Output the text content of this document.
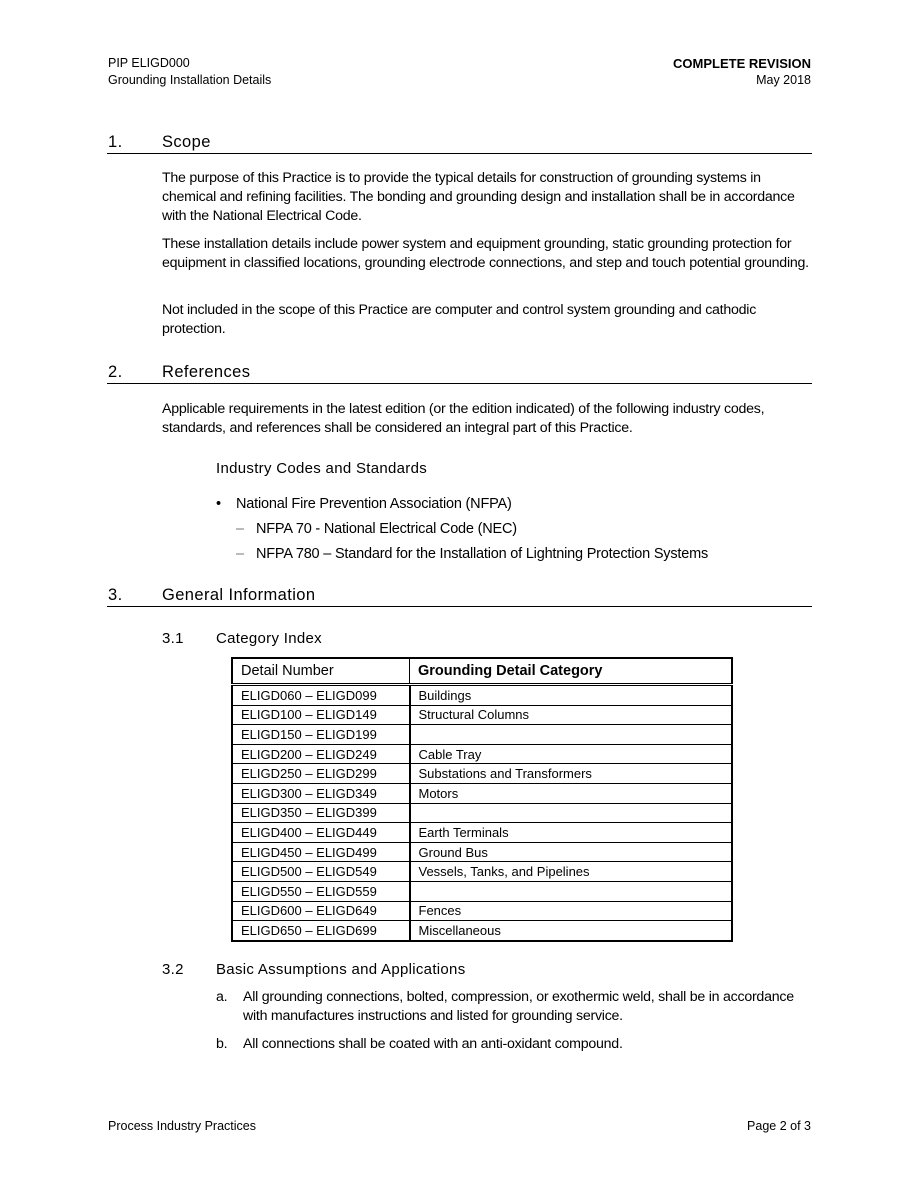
PIP ELIGD000
Grounding Installation Details
COMPLETE REVISION
May 2018
1. Scope
The purpose of this Practice is to provide the typical details for construction of grounding systems in chemical and refining facilities. The bonding and grounding design and installation shall be in accordance with the National Electrical Code.
These installation details include power system and equipment grounding, static grounding protection for equipment in classified locations, grounding electrode connections, and step and touch potential grounding.
Not included in the scope of this Practice are computer and control system grounding and cathodic protection.
2. References
Applicable requirements in the latest edition (or the edition indicated) of the following industry codes, standards, and references shall be considered an integral part of this Practice.
Industry Codes and Standards
• National Fire Prevention Association (NFPA)
– NFPA 70 - National Electrical Code (NEC)
– NFPA 780 – Standard for the Installation of Lightning Protection Systems
3. General Information
3.1 Category Index
Detail Number	Grounding Detail Category
ELIGD060 – ELIGD099	Buildings
ELIGD100 – ELIGD149	Structural Columns
ELIGD150 – ELIGD199	
ELIGD200 – ELIGD249	Cable Tray
ELIGD250 – ELIGD299	Substations and Transformers
ELIGD300 – ELIGD349	Motors
ELIGD350 – ELIGD399	
ELIGD400 – ELIGD449	Earth Terminals
ELIGD450 – ELIGD499	Ground Bus
ELIGD500 – ELIGD549	Vessels, Tanks, and Pipelines
ELIGD550 – ELIGD559	
ELIGD600 – ELIGD649	Fences
ELIGD650 – ELIGD699	Miscellaneous
3.2 Basic Assumptions and Applications
a. All grounding connections, bolted, compression, or exothermic weld, shall be in accordance with manufactures instructions and listed for grounding service.
b. All connections shall be coated with an anti-oxidant compound.
Process Industry Practices	Page 2 of 3
